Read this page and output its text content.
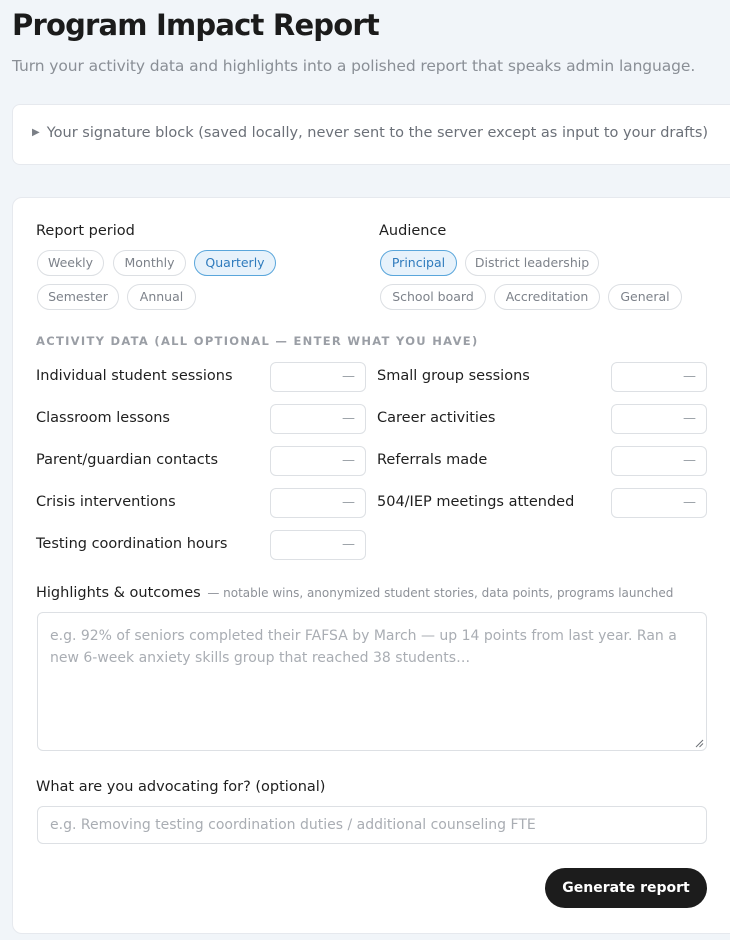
Program Impact Report
Turn your activity data and highlights into a polished report that speaks admin language.
▶ Your signature block (saved locally, never sent to the server except as input to your drafts)
Report period
Weekly	Monthly	Quarterly
Semester	Annual
Audience
Principal	District leadership
School board	Accreditation	General
ACTIVITY DATA (ALL OPTIONAL — ENTER WHAT YOU HAVE)
Individual student sessions	—	Small group sessions	—
Classroom lessons	—	Career activities	—
Parent/guardian contacts	—	Referrals made	—
Crisis interventions	—	504/IEP meetings attended	—
Testing coordination hours	—
Highlights & outcomes — notable wins, anonymized student stories, data points, programs launched
e.g. 92% of seniors completed their FAFSA by March — up 14 points from last year. Ran a new 6-week anxiety skills group that reached 38 students…
What are you advocating for? (optional)
e.g. Removing testing coordination duties / additional counseling FTE
Generate report
